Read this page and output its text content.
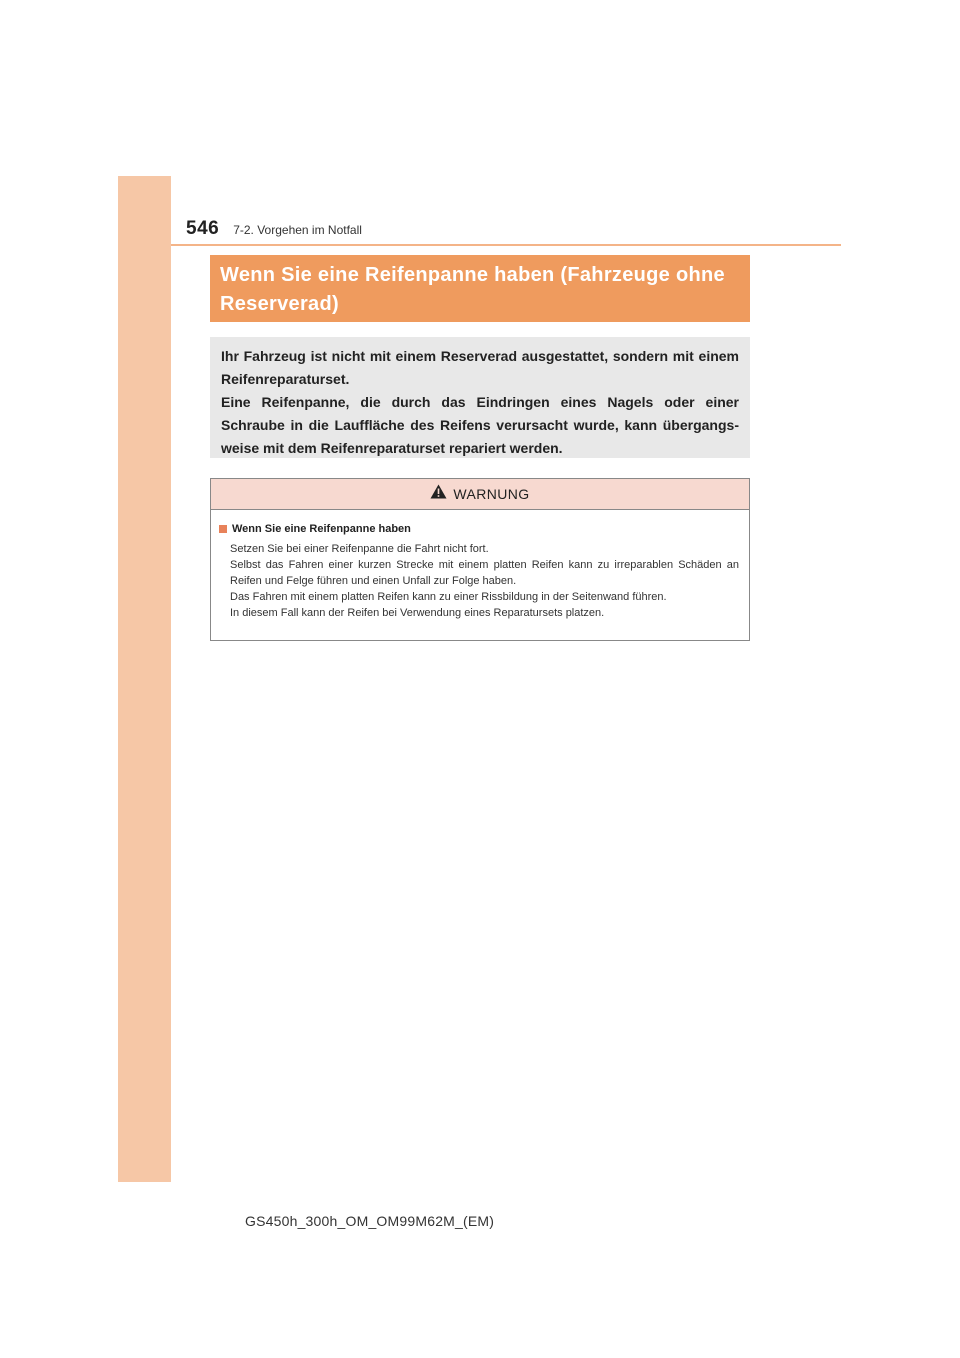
546 7-2. Vorgehen im Notfall
Wenn Sie eine Reifenpanne haben (Fahrzeuge ohne
Reserverad)

Ihr Fahrzeug ist nicht mit einem Reserverad ausgestattet, sondern mit einem Reifenreparaturset.

Eine Reifenpanne, die durch das Eindringen eines Nagels oder einer Schraube in die Lauffläche des Reifens verursacht wurde, kann übergangs-weise mit dem Reifenreparaturset repariert werden.

WARNUNG
Wenn Sie eine Reifenpanne haben

Setzen Sie bei einer Reifenpanne die Fahrt nicht fort.

Selbst das Fahren einer kurzen Strecke mit einem platten Reifen kann zu irreparablen Schäden an Reifen und Felge führen und einen Unfall zur Folge haben.

Das Fahren mit einem platten Reifen kann zu einer Rissbildung in der Seitenwand führen.

In diesem Fall kann der Reifen bei Verwendung eines Reparatursets platzen.

GS450h_300h_OM_OM99M62M_(EM)
